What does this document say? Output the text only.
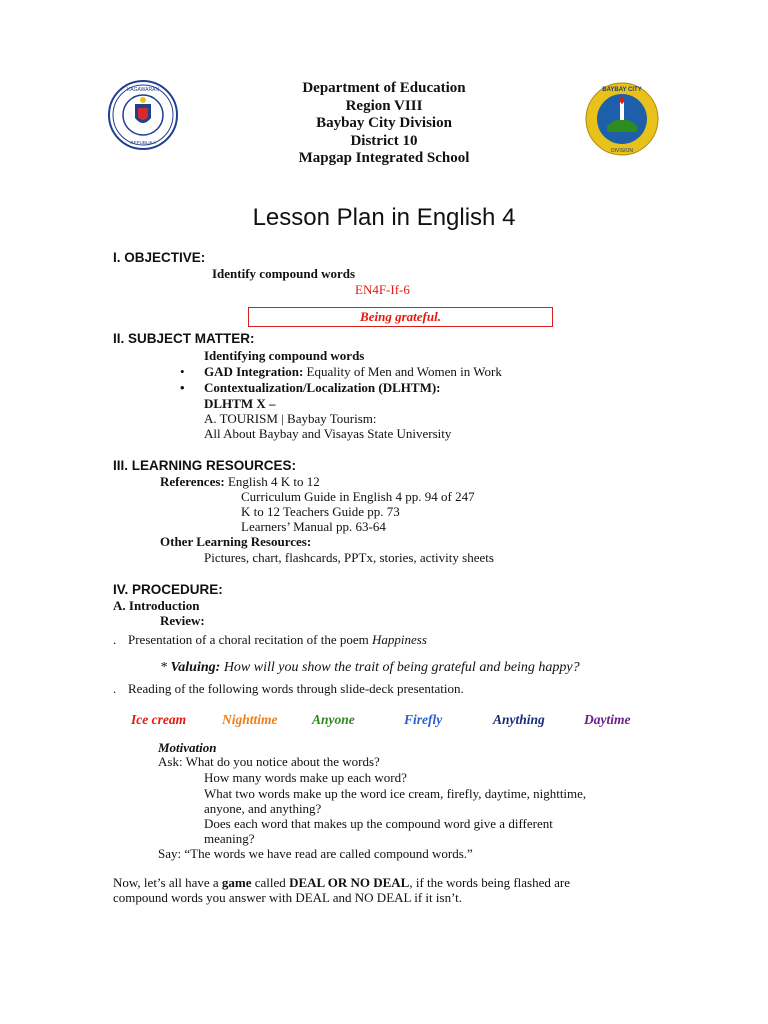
KAGAWARAN
REPUBLIKA
BAYBAY CITY
DIVISION
Department of Education
Region VIII
Baybay City Division
District 10
Mapgap Integrated School
Lesson Plan in English 4
I. OBJECTIVE:
Identify compound words
EN4F-If-6
Being grateful.
II. SUBJECT MATTER:
Identifying compound words
• GAD Integration: Equality of Men and Women in Work
• Contextualization/Localization (DLHTM):
DLHTM X –
A. TOURISM | Baybay Tourism:
All About Baybay and Visayas State University
III. LEARNING RESOURCES:
References: English 4 K to 12
Curriculum Guide in English 4 pp. 94 of 247
K to 12 Teachers Guide pp. 73
Learners’ Manual pp. 63-64
Other Learning Resources:
Pictures, chart, flashcards, PPTx, stories, activity sheets
IV. PROCEDURE:
A. Introduction
Review:
. Presentation of a choral recitation of the poem Happiness
* Valuing: How will you show the trait of being grateful and being happy?
. Reading of the following words through slide-deck presentation.
Ice cream	Nighttime	Anyone	Firefly	Anything	Daytime
Motivation
Ask: What do you notice about the words?
How many words make up each word?
What two words make up the word ice cream, firefly, daytime, nighttime,
anyone, and anything?
Does each word that makes up the compound word give a different
meaning?
Say: “The words we have read are called compound words.”
Now, let’s all have a game called DEAL OR NO DEAL, if the words being flashed are
compound words you answer with DEAL and NO DEAL if it isn’t.
